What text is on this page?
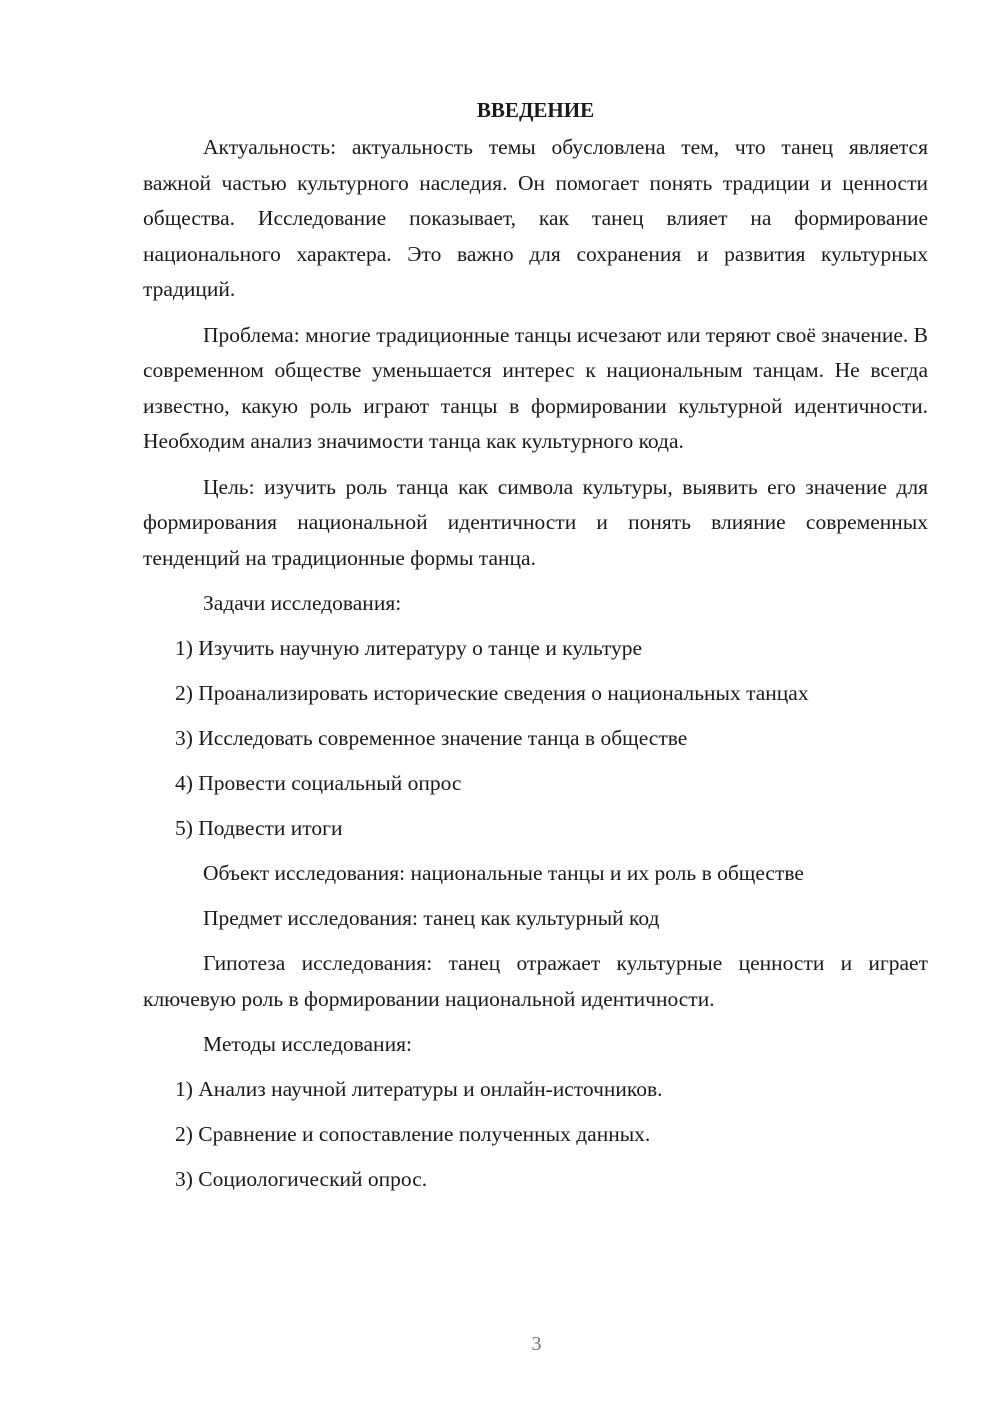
ВВЕДЕНИЕ

Актуальность: актуальность темы обусловлена тем, что танец является важной частью культурного наследия. Он помогает понять традиции и ценности общества. Исследование показывает, как танец влияет на формирование национального характера. Это важно для сохранения и развития культурных традиций.

Проблема: многие традиционные танцы исчезают или теряют своё значение. В современном обществе уменьшается интерес к национальным танцам. Не всегда известно, какую роль играют танцы в формировании культурной идентичности. Необходим анализ значимости танца как культурного кода.

Цель: изучить роль танца как символа культуры, выявить его значение для формирования национальной идентичности и понять влияние современных тенденций на традиционные формы танца.

Задачи исследования:

1) Изучить научную литературу о танце и культуре

2) Проанализировать исторические сведения о национальных танцах

3) Исследовать современное значение танца в обществе

4) Провести социальный опрос

5) Подвести итоги

Объект исследования: национальные танцы и их роль в обществе

Предмет исследования: танец как культурный код

Гипотеза исследования: танец отражает культурные ценности и играет ключевую роль в формировании национальной идентичности.

Методы исследования:

1) Анализ научной литературы и онлайн-источников.

2) Сравнение и сопоставление полученных данных.

3) Социологический опрос.

3
